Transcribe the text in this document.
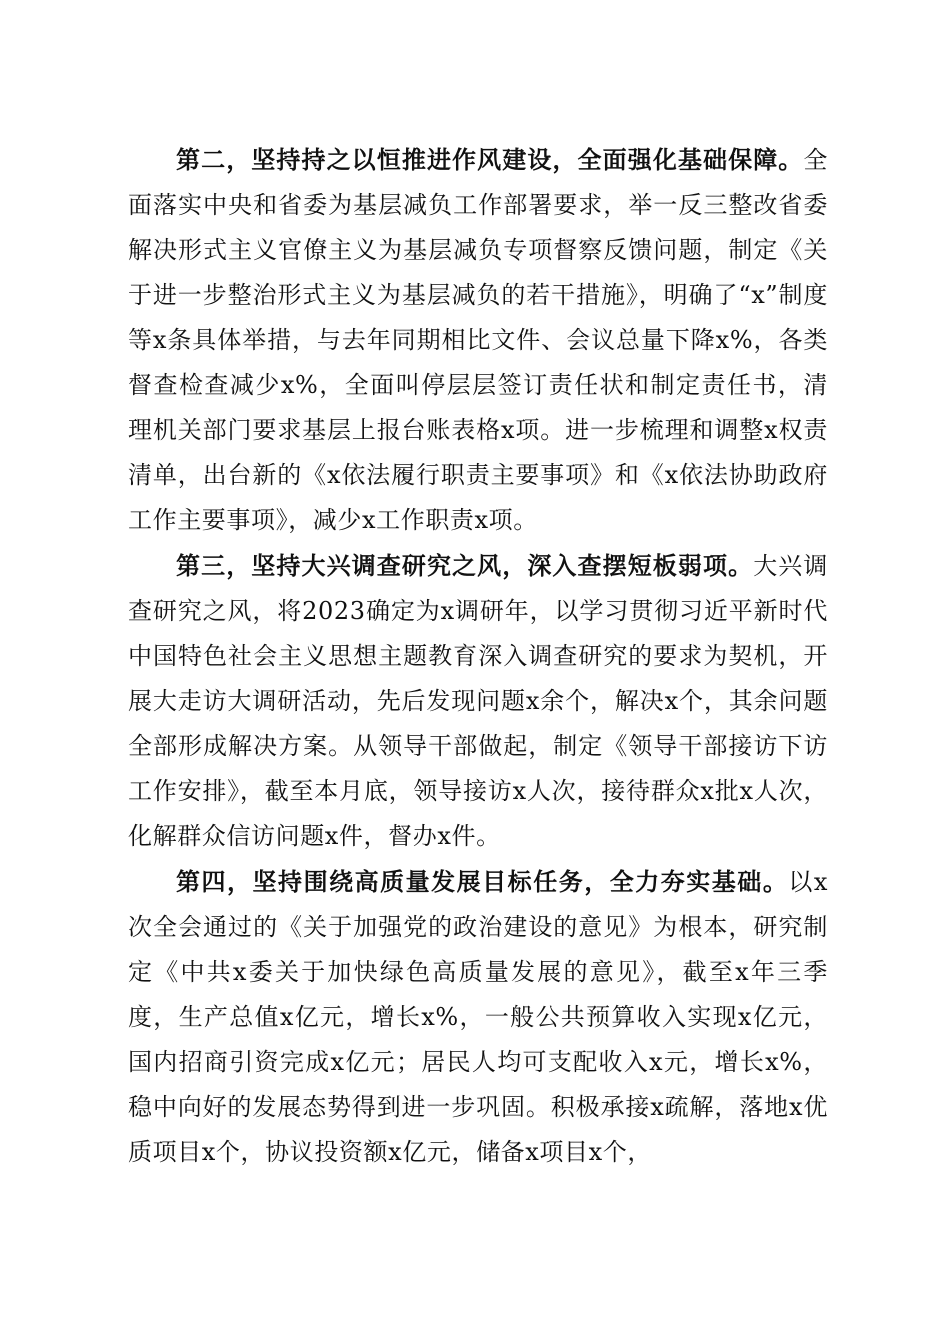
第二，坚持持之以恒推进作风建设，全面强化基础保障。全面落实中央和省委为基层减负工作部署要求，举一反三整改省委解决形式主义官僚主义为基层减负专项督察反馈问题，制定《关于进一步整治形式主义为基层减负的若干措施》，明确了“x”制度等x条具体举措，与去年同期相比文件、会议总量下降x%，各类督查检查减少x%，全面叫停层层签订责任状和制定责任书，清理机关部门要求基层上报台账表格x项。进一步梳理和调整x权责清单，出台新的《x依法履行职责主要事项》和《x依法协助政府工作主要事项》，减少x工作职责x项。

第三，坚持大兴调查研究之风，深入查摆短板弱项。大兴调查研究之风，将2023确定为x调研年，以学习贯彻习近平新时代中国特色社会主义思想主题教育深入调查研究的要求为契机，开展大走访大调研活动，先后发现问题x余个，解决x个，其余问题全部形成解决方案。从领导干部做起，制定《领导干部接访下访工作安排》，截至本月底，领导接访x人次，接待群众x批x人次，化解群众信访问题x件，督办x件。

第四，坚持围绕高质量发展目标任务，全力夯实基础。以x次全会通过的《关于加强党的政治建设的意见》为根本，研究制定《中共x委关于加快绿色高质量发展的意见》，截至x年三季度，生产总值x亿元，增长x%，一般公共预算收入实现x亿元，国内招商引资完成x亿元；居民人均可支配收入x元，增长x%，稳中向好的发展态势得到进一步巩固。积极承接x疏解，落地x优质项目x个，协议投资额x亿元，储备x项目x个，
